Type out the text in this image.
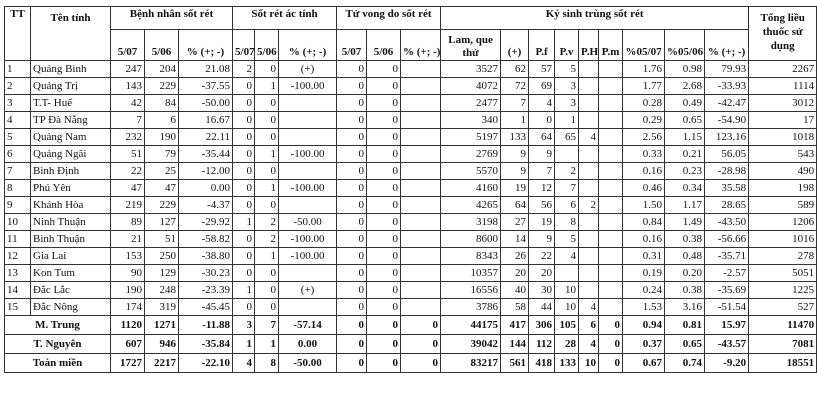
TT	Tên tỉnh	Bệnh nhân sốt rét			Sốt rét ác tính			Tử vong do sốt rét			Ký sinh trùng sốt rét									Tổng liều thuốc sử dụng
		5/07	5/06	% (+; -)	5/07	5/06	% (+; -)	5/07	5/06	% (+; -)	Lam, que thử	(+)	P.f	P.v	P.H	P.m	%05/07	%05/06	% (+; -)	
1	Quảng Bình	247	204	21.08	2	0	(+)	0	0		3527	62	57	5			1.76	0.98	79.93	2267
2	Quảng Trị	143	229	-37.55	0	1	-100.00	0	0		4072	72	69	3			1.77	2.68	-33.93	1114
3	T.T- Huế	42	84	-50.00	0	0		0	0		2477	7	4	3			0.28	0.49	-42.47	3012
4	TP Đà Nẵng	7	6	16.67	0	0		0	0		340	1	0	1			0.29	0.65	-54.90	17
5	Quảng Nam	232	190	22.11	0	0		0	0		5197	133	64	65	4		2.56	1.15	123.16	1018
6	Quảng Ngãi	51	79	-35.44	0	1	-100.00	0	0		2769	9	9				0.33	0.21	56.05	543
7	Bình Định	22	25	-12.00	0	0		0	0		5570	9	7	2			0.16	0.23	-28.98	490
8	Phú Yên	47	47	0.00	0	1	-100.00	0	0		4160	19	12	7			0.46	0.34	35.58	198
9	Khánh Hòa	219	229	-4.37	0	0		0	0		4265	64	56	6	2		1.50	1.17	28.65	589
10	Ninh Thuận	89	127	-29.92	1	2	-50.00	0	0		3198	27	19	8			0.84	1.49	-43.50	1206
11	Bình Thuận	21	51	-58.82	0	2	-100.00	0	0		8600	14	9	5			0.16	0.38	-56.66	1016
12	Gia Lai	153	250	-38.80	0	1	-100.00	0	0		8343	26	22	4			0.31	0.48	-35.71	278
13	Kon Tum	90	129	-30.23	0	0		0	0		10357	20	20				0.19	0.20	-2.57	5051
14	Đắc Lắc	190	248	-23.39	1	0	(+)	0	0		16556	40	30	10			0.24	0.38	-35.69	1225
15	Đắc Nông	174	319	-45.45	0	0		0	0		3786	58	44	10	4		1.53	3.16	-51.54	527
M. Trung		1120	1271	-11.88	3	7	-57.14	0	0	0	44175	417	306	105	6	0	0.94	0.81	15.97	11470
T. Nguyên		607	946	-35.84	1	1	0.00	0	0	0	39042	144	112	28	4	0	0.37	0.65	-43.57	7081
Toàn miền		1727	2217	-22.10	4	8	-50.00	0	0	0	83217	561	418	133	10	0	0.67	0.74	-9.20	18551
